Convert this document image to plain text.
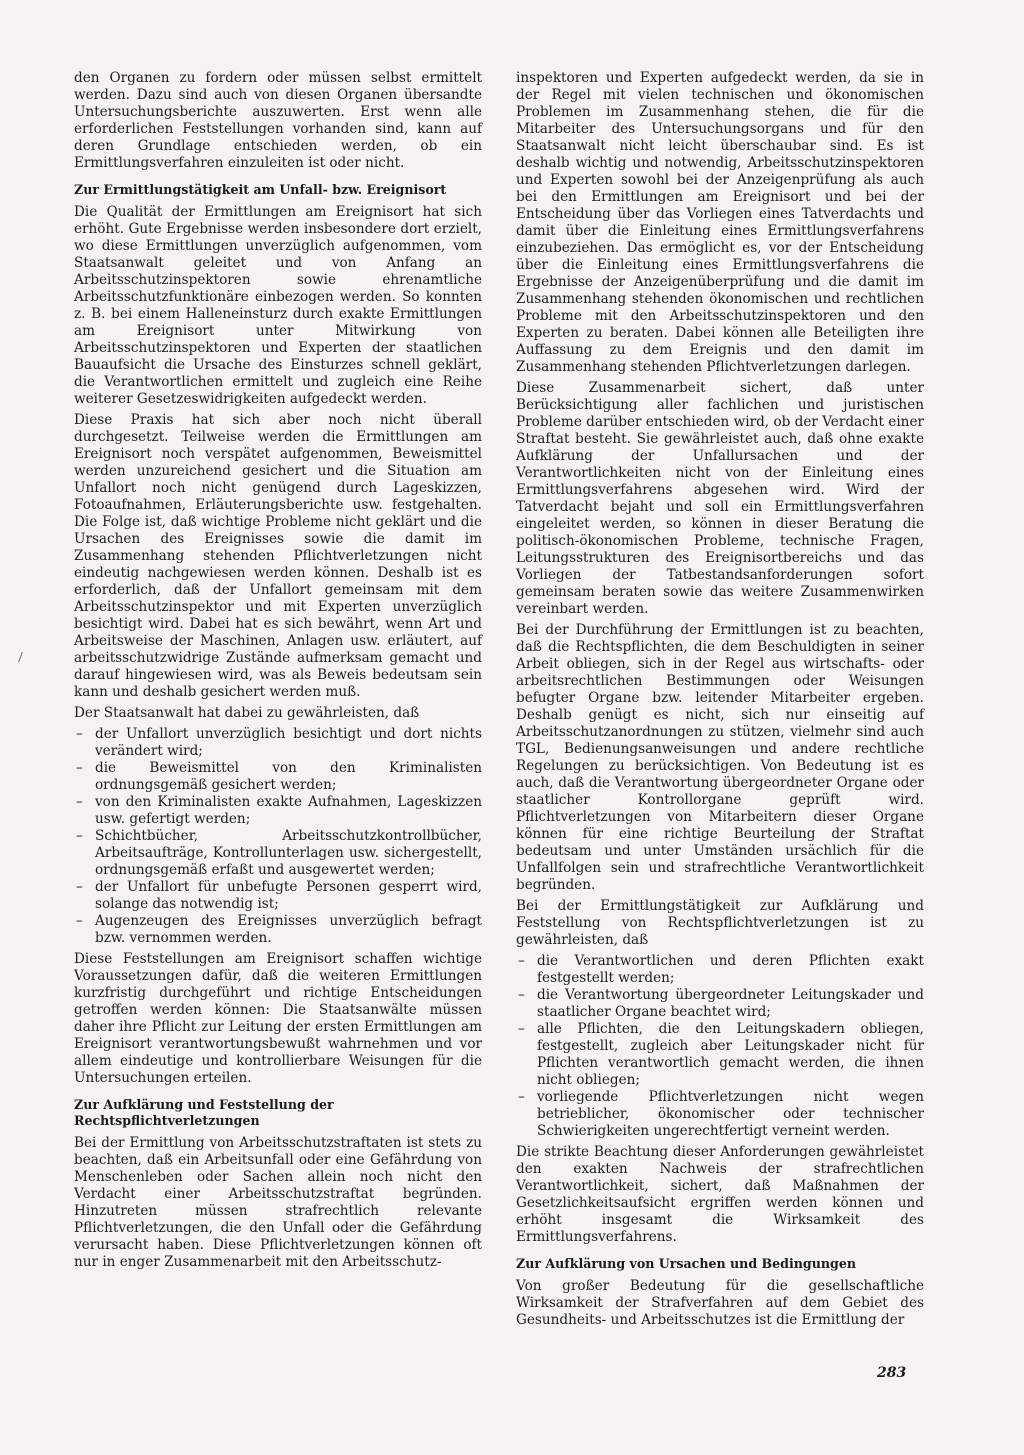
den Organen zu fordern oder müssen selbst ermittelt werden. Dazu sind auch von diesen Organen übersandte Untersuchungsberichte auszuwerten. Erst wenn alle erforderlichen Feststellungen vorhanden sind, kann auf deren Grundlage entschieden werden, ob ein Ermittlungsverfahren einzuleiten ist oder nicht.

Zur Ermittlungstätigkeit am Unfall- bzw. Ereignisort

Die Qualität der Ermittlungen am Ereignisort hat sich erhöht. Gute Ergebnisse werden insbesondere dort erzielt, wo diese Ermittlungen unverzüglich aufgenommen, vom Staatsanwalt geleitet und von Anfang an Arbeitsschutzinspektoren sowie ehrenamtliche Arbeitsschutzfunktionäre einbezogen werden. So konnten z. B. bei einem Halleneinsturz durch exakte Ermittlungen am Ereignisort unter Mitwirkung von Arbeitsschutzinspektoren und Experten der staatlichen Bauaufsicht die Ursache des Einsturzes schnell geklärt, die Verantwortlichen ermittelt und zugleich eine Reihe weiterer Gesetzeswidrigkeiten aufgedeckt werden.

Diese Praxis hat sich aber noch nicht überall durchgesetzt. Teilweise werden die Ermittlungen am Ereignisort noch verspätet aufgenommen, Beweismittel werden unzureichend gesichert und die Situation am Unfallort noch nicht genügend durch Lageskizzen, Fotoaufnahmen, Erläuterungsberichte usw. festgehalten. Die Folge ist, daß wichtige Probleme nicht geklärt und die Ursachen des Ereignisses sowie die damit im Zusammenhang stehenden Pflichtverletzungen nicht eindeutig nachgewiesen werden können. Deshalb ist es erforderlich, daß der Unfallort gemeinsam mit dem Arbeitsschutzinspektor und mit Experten unverzüglich besichtigt wird. Dabei hat es sich bewährt, wenn Art und Arbeitsweise der Maschinen, Anlagen usw. erläutert, auf arbeitsschutzwidrige Zustände aufmerksam gemacht und darauf hingewiesen wird, was als Beweis bedeutsam sein kann und deshalb gesichert werden muß.

Der Staatsanwalt hat dabei zu gewährleisten, daß

– der Unfallort unverzüglich besichtigt und dort nichts verändert wird;
– die Beweismittel von den Kriminalisten ordnungsgemäß gesichert werden;
– von den Kriminalisten exakte Aufnahmen, Lageskizzen usw. gefertigt werden;
– Schichtbücher, Arbeitsschutzkontrollbücher, Arbeitsaufträge, Kontrollunterlagen usw. sichergestellt, ordnungsgemäß erfaßt und ausgewertet werden;
– der Unfallort für unbefugte Personen gesperrt wird, solange das notwendig ist;
– Augenzeugen des Ereignisses unverzüglich befragt bzw. vernommen werden.

Diese Feststellungen am Ereignisort schaffen wichtige Voraussetzungen dafür, daß die weiteren Ermittlungen kurzfristig durchgeführt und richtige Entscheidungen getroffen werden können: Die Staatsanwälte müssen daher ihre Pflicht zur Leitung der ersten Ermittlungen am Ereignisort verantwortungsbewußt wahrnehmen und vor allem eindeutige und kontrollierbare Weisungen für die Untersuchungen erteilen.

Zur Aufklärung und Feststellung der Rechtspflichtverletzungen

Bei der Ermittlung von Arbeitsschutzstraftaten ist stets zu beachten, daß ein Arbeitsunfall oder eine Gefährdung von Menschenleben oder Sachen allein noch nicht den Verdacht einer Arbeitsschutzstraftat begründen. Hinzutreten müssen strafrechtlich relevante Pflichtverletzungen, die den Unfall oder die Gefährdung verursacht haben. Diese Pflichtverletzungen können oft nur in enger Zusammenarbeit mit den Arbeitsschutz-

inspektoren und Experten aufgedeckt werden, da sie in der Regel mit vielen technischen und ökonomischen Problemen im Zusammenhang stehen, die für die Mitarbeiter des Untersuchungsorgans und für den Staatsanwalt nicht leicht überschaubar sind. Es ist deshalb wichtig und notwendig, Arbeitsschutzinspektoren und Experten sowohl bei der Anzeigenprüfung als auch bei den Ermittlungen am Ereignisort und bei der Entscheidung über das Vorliegen eines Tatverdachts und damit über die Einleitung eines Ermittlungsverfahrens einzubeziehen. Das ermöglicht es, vor der Entscheidung über die Einleitung eines Ermittlungsverfahrens die Ergebnisse der Anzeigenüberprüfung und die damit im Zusammenhang stehenden ökonomischen und rechtlichen Probleme mit den Arbeitsschutzinspektoren und den Experten zu beraten. Dabei können alle Beteiligten ihre Auffassung zu dem Ereignis und den damit im Zusammenhang stehenden Pflichtverletzungen darlegen.

Diese Zusammenarbeit sichert, daß unter Berücksichtigung aller fachlichen und juristischen Probleme darüber entschieden wird, ob der Verdacht einer Straftat besteht. Sie gewährleistet auch, daß ohne exakte Aufklärung der Unfallursachen und der Verantwortlichkeiten nicht von der Einleitung eines Ermittlungsverfahrens abgesehen wird. Wird der Tatverdacht bejaht und soll ein Ermittlungsverfahren eingeleitet werden, so können in dieser Beratung die politisch-ökonomischen Probleme, technische Fragen, Leitungsstrukturen des Ereignisortbereichs und das Vorliegen der Tatbestandsanforderungen sofort gemeinsam beraten sowie das weitere Zusammenwirken vereinbart werden.

Bei der Durchführung der Ermittlungen ist zu beachten, daß die Rechtspflichten, die dem Beschuldigten in seiner Arbeit obliegen, sich in der Regel aus wirtschafts- oder arbeitsrechtlichen Bestimmungen oder Weisungen befugter Organe bzw. leitender Mitarbeiter ergeben. Deshalb genügt es nicht, sich nur einseitig auf Arbeitsschutzanordnungen zu stützen, vielmehr sind auch TGL, Bedienungsanweisungen und andere rechtliche Regelungen zu berücksichtigen. Von Bedeutung ist es auch, daß die Verantwortung übergeordneter Organe oder staatlicher Kontrollorgane geprüft wird. Pflichtverletzungen von Mitarbeitern dieser Organe können für eine richtige Beurteilung der Straftat bedeutsam und unter Umständen ursächlich für die Unfallfolgen sein und strafrechtliche Verantwortlichkeit begründen.

Bei der Ermittlungstätigkeit zur Aufklärung und Feststellung von Rechtspflichtverletzungen ist zu gewährleisten, daß

– die Verantwortlichen und deren Pflichten exakt festgestellt werden;
– die Verantwortung übergeordneter Leitungskader und staatlicher Organe beachtet wird;
– alle Pflichten, die den Leitungskadern obliegen, festgestellt, zugleich aber Leitungskader nicht für Pflichten verantwortlich gemacht werden, die ihnen nicht obliegen;
– vorliegende Pflichtverletzungen nicht wegen betrieblicher, ökonomischer oder technischer Schwierigkeiten ungerechtfertigt verneint werden.

Die strikte Beachtung dieser Anforderungen gewährleistet den exakten Nachweis der strafrechtlichen Verantwortlichkeit, sichert, daß Maßnahmen der Gesetzlichkeitsaufsicht ergriffen werden können und erhöht insgesamt die Wirksamkeit des Ermittlungsverfahrens.

Zur Aufklärung von Ursachen und Bedingungen

Von großer Bedeutung für die gesellschaftliche Wirksamkeit der Strafverfahren auf dem Gebiet des Gesundheits- und Arbeitsschutzes ist die Ermittlung der

283
